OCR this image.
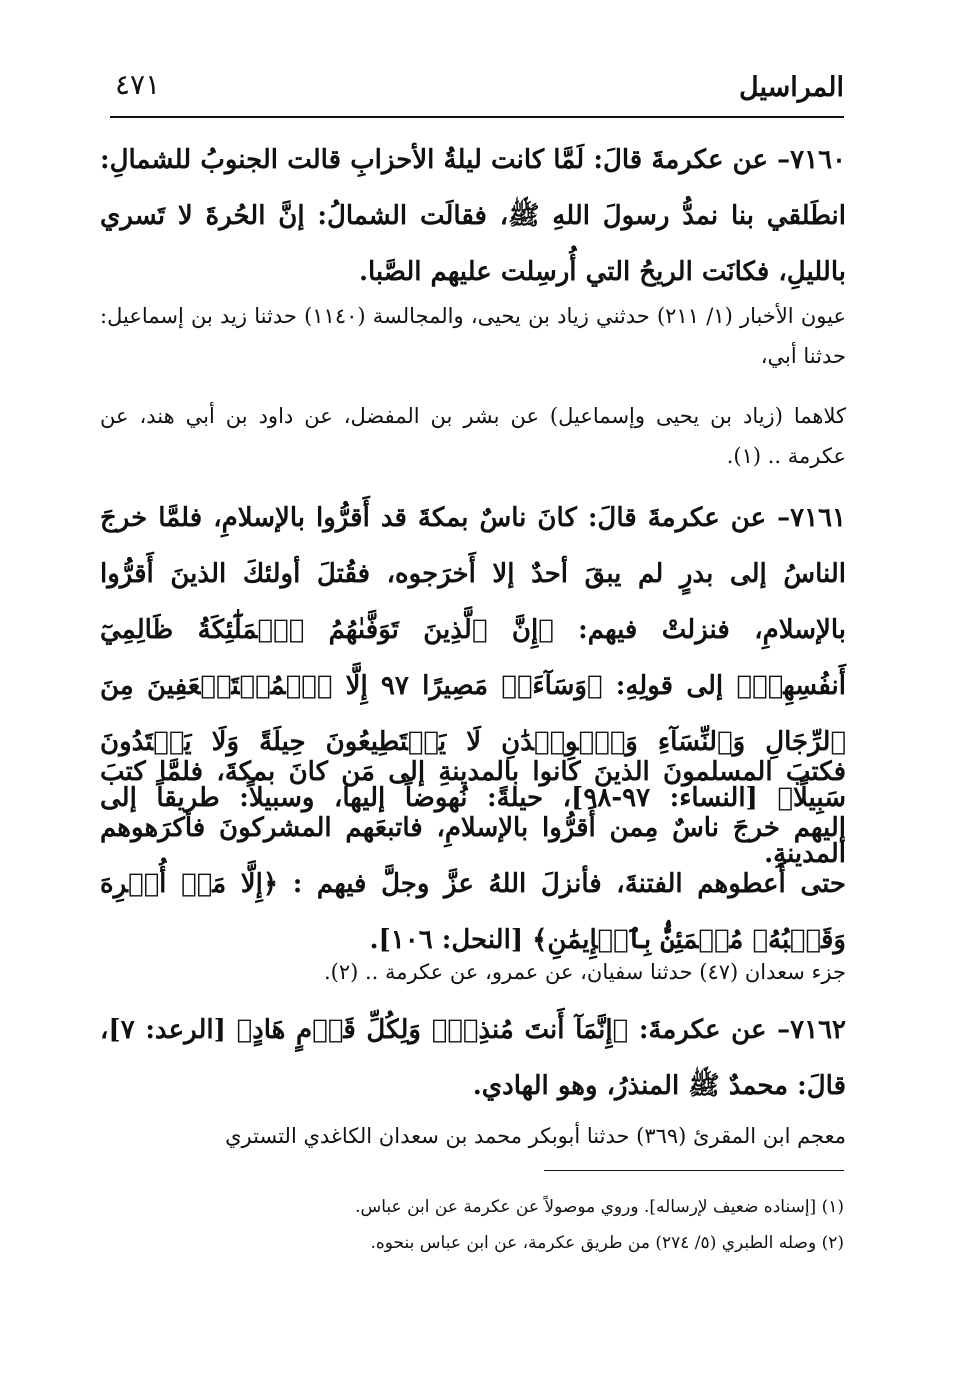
المراسيل
٤٧١
٧١٦٠– عن عكرمةَ قالَ: لَمَّا كانت ليلةُ الأحزابِ قالت الجنوبُ للشمالِ: انطَلقي بنا نمدُّ رسولَ اللهِ ﷺ، فقالَت الشمالُ: إنَّ الحُرةَ لا تَسري بالليلِ، فكانَت الريحُ التي أُرسِلت عليهم الصَّبا.
عيون الأخبار (١/ ٢١١) حدثني زياد بن يحيى، والمجالسة (١١٤٠) حدثنا زيد بن إسماعيل: حدثنا أبي،
كلاهما (زياد بن يحيى وإسماعيل) عن بشر بن المفضل، عن داود بن أبي هند، عن عكرمة .. (١).
٧١٦١– عن عكرمةَ قالَ: كانَ ناسٌ بمكةَ قد أَقرُّوا بالإسلامِ، فلمَّا خرجَ الناسُ إلى بدرٍ لم يبقَ أحدٌ إلا أَخرَجوه، فقُتلَ أولئكَ الذينَ أَقرُّوا بالإسلامِ، فنزلتْ فيهم: ﴿إِنَّ ٱلَّذِينَ تَوَفَّىٰهُمُ ٱلۡمَلَٰٓئِكَةُ ظَالِمِيٓ أَنفُسِهِمۡ﴾ إلى قولِهِ: ﴿وَسَآءَتۡ مَصِيرًا ٩٧ إِلَّا ٱلۡمُسۡتَضۡعَفِينَ مِنَ ٱلرِّجَالِ وَٱلنِّسَآءِ وَٱلۡوِلۡدَٰنِ لَا يَسۡتَطِيعُونَ حِيلَةً وَلَا يَهۡتَدُونَ سَبِيلًا﴾ [النساء: ٩٧-٩٨]، حيلةً: نُهوضاً إليها، وسبيلاً: طريقاً إلى المدينةِ.
فكتبَ المسلمونَ الذينَ كانوا بالمدينةِ إلى مَن كانَ بمكةَ، فلمَّا كتبَ إليهم خرجَ ناسٌ مِمن أَقرُّوا بالإسلامِ، فاتبعَهم المشركونَ فأكرَهوهم حتى أَعطوهم الفتنةَ، فأنزلَ اللهُ عزَّ وجلَّ فيهم : ﴿إِلَّا مَنۡ أُكۡرِهَ وَقَلۡبُهُۥ مُطۡمَئِنُّۢ بِٱلۡإِيمَٰنِ﴾ [النحل: ١٠٦].
جزء سعدان (٤٧) حدثنا سفيان، عن عمرو، عن عكرمة .. (٢).
٧١٦٢– عن عكرمةَ: ﴿إِنَّمَآ أَنتَ مُنذِرٞۖ وَلِكُلِّ قَوۡمٍ هَادٍ﴾ [الرعد: ٧]، قالَ: محمدٌ ﷺ المنذرُ، وهو الهادي.
معجم ابن المقرئ (٣٦٩) حدثنا أبوبكر محمد بن سعدان الكاغدي التستري
(١) [إسناده ضعيف لإرساله]. وروي موصولاً عن عكرمة عن ابن عباس.
(٢) وصله الطبري (٥/ ٢٧٤) من طريق عكرمة، عن ابن عباس بنحوه.
